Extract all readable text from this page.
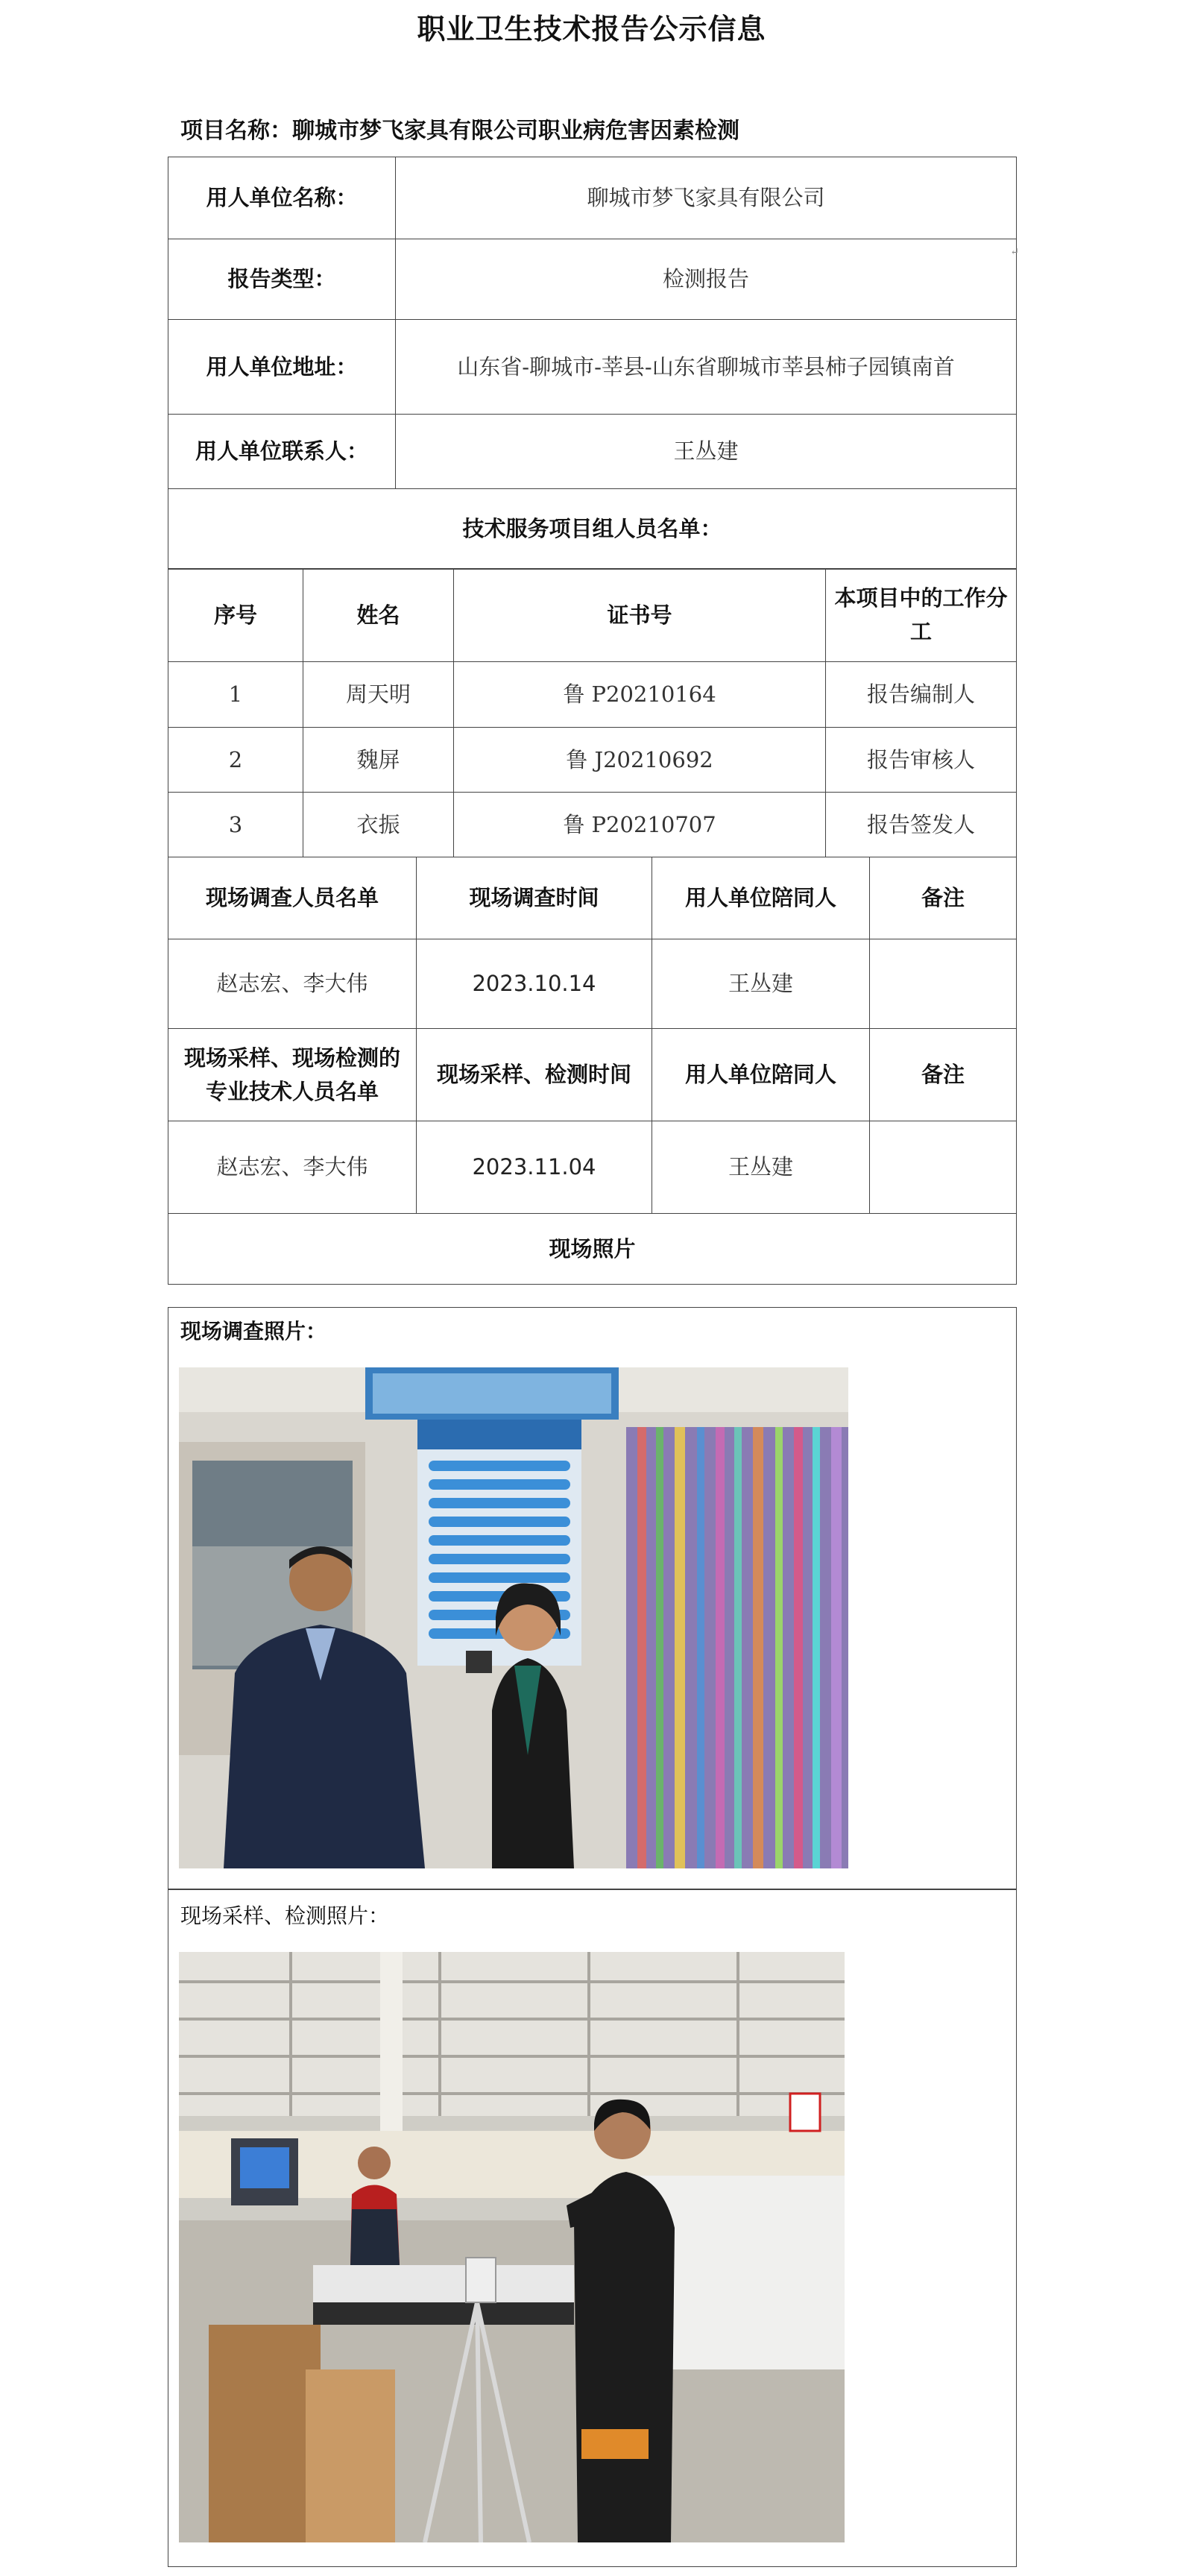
职业卫生技术报告公示信息
项目名称：聊城市梦飞家具有限公司职业病危害因素检测
用人单位名称：	聊城市梦飞家具有限公司
报告类型：	检测报告
用人单位地址：	山东省-聊城市-莘县-山东省聊城市莘县柿子园镇南首
用人单位联系人：	王丛建
技术服务项目组人员名单：	
序号	姓名	证书号	本项目中的工作分工
1	周天明	鲁 P20210164	报告编制人
2	魏屏	鲁 J20210692	报告审核人
3	衣振	鲁 P20210707	报告签发人
现场调查人员名单	现场调查时间	用人单位陪同人	备注
赵志宏、李大伟	2023.10.14	王丛建	
现场采样、现场检测的专业技术人员名单	现场采样、检测时间	用人单位陪同人	备注
赵志宏、李大伟	2023.11.04	王丛建	
现场照片			
现场调查照片：
现场采样、检测照片：
↵
